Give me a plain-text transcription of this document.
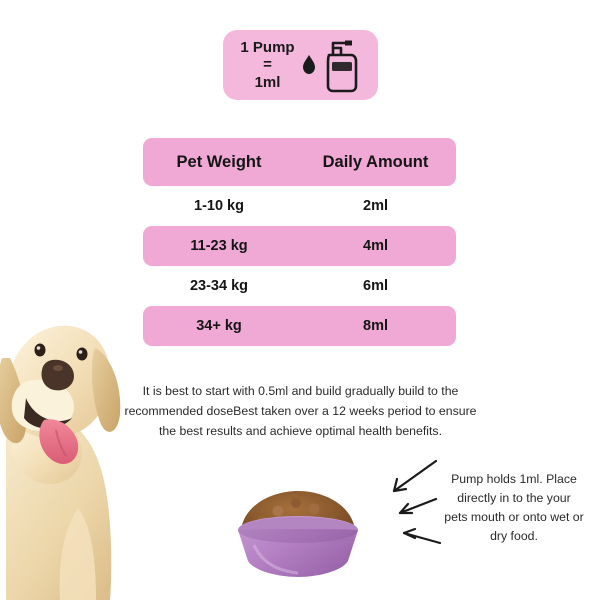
1 Pump
=
1ml
Pet Weight	Daily Amount
1-10 kg	2ml
11-23 kg	4ml
23-34 kg	6ml
34+ kg	8ml
It is best to start with 0.5ml and build gradually build to the recommended doseBest taken over a 12 weeks period to ensure the best results and achieve optimal health benefits.
Pump holds 1ml. Place directly in to the your pets mouth or onto wet or dry food.
